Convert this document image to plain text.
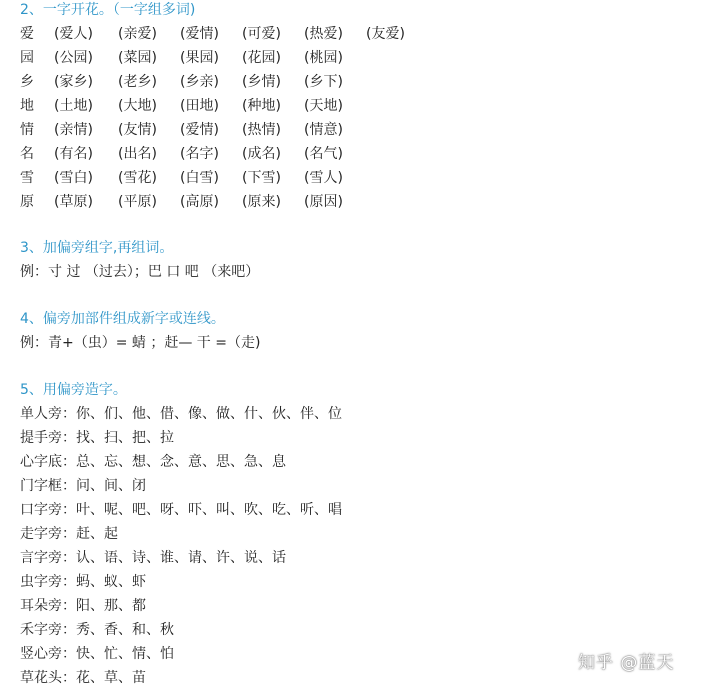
2、一字开花。（一字组多词)
爱 (爱人) (亲爱) (爱情) (可爱) (热爱) (友爱)
园 (公园) (菜园) (果园) (花园) (桃园)
乡 (家乡) (老乡) (乡亲) (乡情) (乡下)
地 (土地) (大地) (田地) (种地) (天地)
情 (亲情) (友情) (爱情) (热情) (情意)
名 (有名) (出名) (名字) (成名) (名气)
雪 (雪白) (雪花) (白雪) (下雪) (雪人)
原 (草原) (平原) (高原) (原来) (原因)
3、加偏旁组字,再组词。
例：寸 过 （过去）；巴 口 吧 （来吧）
4、偏旁加部件组成新字或连线。
例：青+（虫）= 蜻 ；赶— 干 =（走)
5、用偏旁造字。
单人旁：你、们、他、借、像、做、什、伙、伴、位
提手旁：找、扫、把、拉
心字底：总、忘、想、念、意、思、急、息
门字框：问、间、闭
口字旁：叶、呢、吧、呀、吓、叫、吹、吃、听、唱
走字旁：赶、起
言字旁：认、语、诗、谁、请、许、说、话
虫字旁：蚂、蚁、虾
耳朵旁：阳、那、都
禾字旁：秀、香、和、秋
竖心旁：快、忙、情、怕
草花头：花、草、苗
知乎 @蓝天
